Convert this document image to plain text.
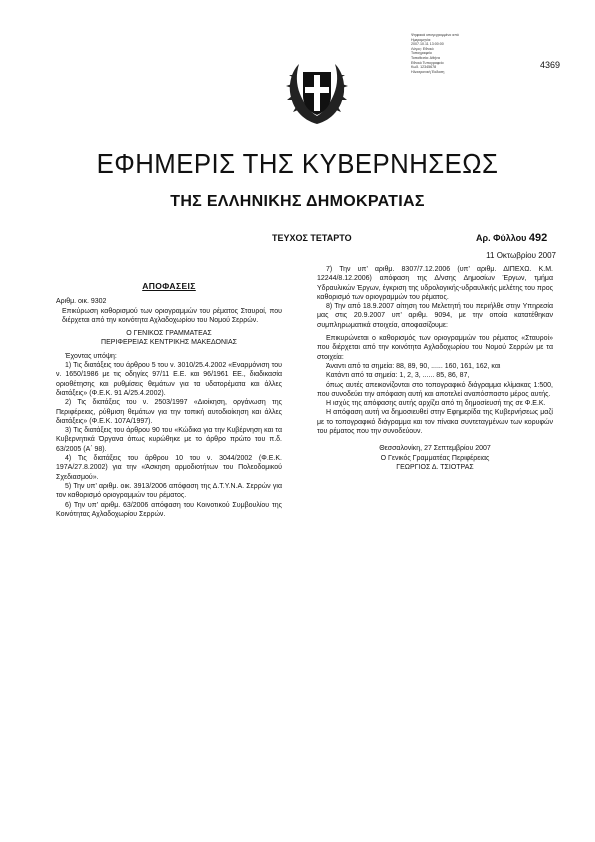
Ψηφιακά υπογεγραμμένο από
Ημερομηνία:
2007.10.11 13:00:00
Λόγος: Εθνικό
Τυπογραφείο
Τοποθεσία: Αθήνα
Εθνικό Τυπογραφείο
Κωδ. 12345678
Ηλεκτρονική Έκδοση
4369
ΕΦΗΜΕΡΙΣ ΤΗΣ ΚΥΒΕΡΝΗΣΕΩΣ
ΤΗΣ ΕΛΛΗΝΙΚΗΣ ΔΗΜΟΚΡΑΤΙΑΣ
ΤΕΥΧΟΣ ΤΕΤΑΡΤΟ	Αρ. Φύλλου 492
11 Οκτωβρίου 2007

ΑΠΟΦΑΣΕΙΣ

Αριθμ. οικ. 9302

Επικύρωση καθορισμού των οριογραμμών του ρέματος Σταυροί, που διέρχεται από την κοινότητα Αχλαδοχωρίου του Νομού Σερρών.

Ο ΓΕΝΙΚΟΣ ΓΡΑΜΜΑΤΕΑΣ

ΠΕΡΙΦΕΡΕΙΑΣ ΚΕΝΤΡΙΚΗΣ ΜΑΚΕΔΟΝΙΑΣ

Έχοντας υπόψη:

1) Τις διατάξεις του άρθρου 5 του ν. 3010/25.4.2002 «Εναρμόνιση του ν. 1650/1986 με τις οδηγίες 97/11 Ε.Ε. και 96/1961 ΕΕ., διαδικασία οριοθέτησης και ρυθμίσεις θεμάτων για τα υδατορέματα και άλλες διατάξεις» (Φ.Ε.Κ. 91 Α/25.4.2002).

2) Τις διατάξεις του ν. 2503/1997 «Διοίκηση, οργάνωση της Περιφέρειας, ρύθμιση θεμάτων για την τοπική αυτοδιοίκηση και άλλες διατάξεις» (Φ.Ε.Κ. 107Α/1997).

3) Τις διατάξεις του άρθρου 90 του «Κώδικα για την Κυβέρνηση και τα Κυβερνητικά Όργανα όπως κυρώθηκε με το άρθρο πρώτο του π.δ. 63/2005 (Α΄ 98).

4) Τις διατάξεις του άρθρου 10 του ν. 3044/2002 (Φ.Ε.Κ. 197Α/27.8.2002) για την «Άσκηση αρμοδιοτήτων του Πολεοδομικού Σχεδιασμού».

5) Την υπ’ αριθμ. οικ. 3913/2006 απόφαση της Δ.Τ.Υ.Ν.Α. Σερρών για τον καθορισμό οριογραμμών του ρέματος.

6) Την υπ’ αριθμ. 63/2006 απόφαση του Κοινοτικού Συμβουλίου της Κοινότητας Αχλαδοχωρίου Σερρών.

7) Την υπ’ αριθμ. 8307/7.12.2006 (υπ’ αριθμ. ΔΙΠΕΧΩ. Κ.Μ. 12244/8.12.2006) απόφαση της Δ/νσης Δημοσίων Έργων, τμήμα Υδραυλικών Έργων, έγκριση της υδρολογικής-υδραυλικής μελέτης του προς καθορισμό των οριογραμμών του ρέματος.

8) Την από 18.9.2007 αίτηση του Μελετητή του περιήλθε στην Υπηρεσία μας στις 20.9.2007 υπ’ αριθμ. 9094, με την οποία κατατέθηκαν συμπληρωματικά στοιχεία, αποφασίζουμε:

Επικυρώνεται ο καθορισμός των οριογραμμών του ρέματος «Σταυροί» που διέρχεται από την κοινότητα Αχλαδοχωρίου του Νομού Σερρών με τα στοιχεία:

Άναντι από τα σημεία: 88, 89, 90, ...... 160, 161, 162, και

Κατάντι από τα σημεία: 1, 2, 3, ...... 85, 86, 87,

όπως αυτές απεικονίζονται στο τοπογραφικό διάγραμμα κλίμακας 1:500, που συνοδεύει την απόφαση αυτή και αποτελεί αναπόσπαστο μέρος αυτής.

Η ισχύς της απόφασης αυτής αρχίζει από τη δημοσίευσή της σε Φ.Ε.Κ.

Η απόφαση αυτή να δημοσιευθεί στην Εφημερίδα της Κυβερνήσεως μαζί με το τοπογραφικό διάγραμμα και τον πίνακα συντεταγμένων των κορυφών του ρέματος που την συνοδεύουν.

Θεσσαλονίκη, 27 Σεπτεμβρίου 2007

Ο Γενικός Γραμματέας Περιφέρειας

ΓΕΩΡΓΙΟΣ Δ. ΤΣΙΟΤΡΑΣ
